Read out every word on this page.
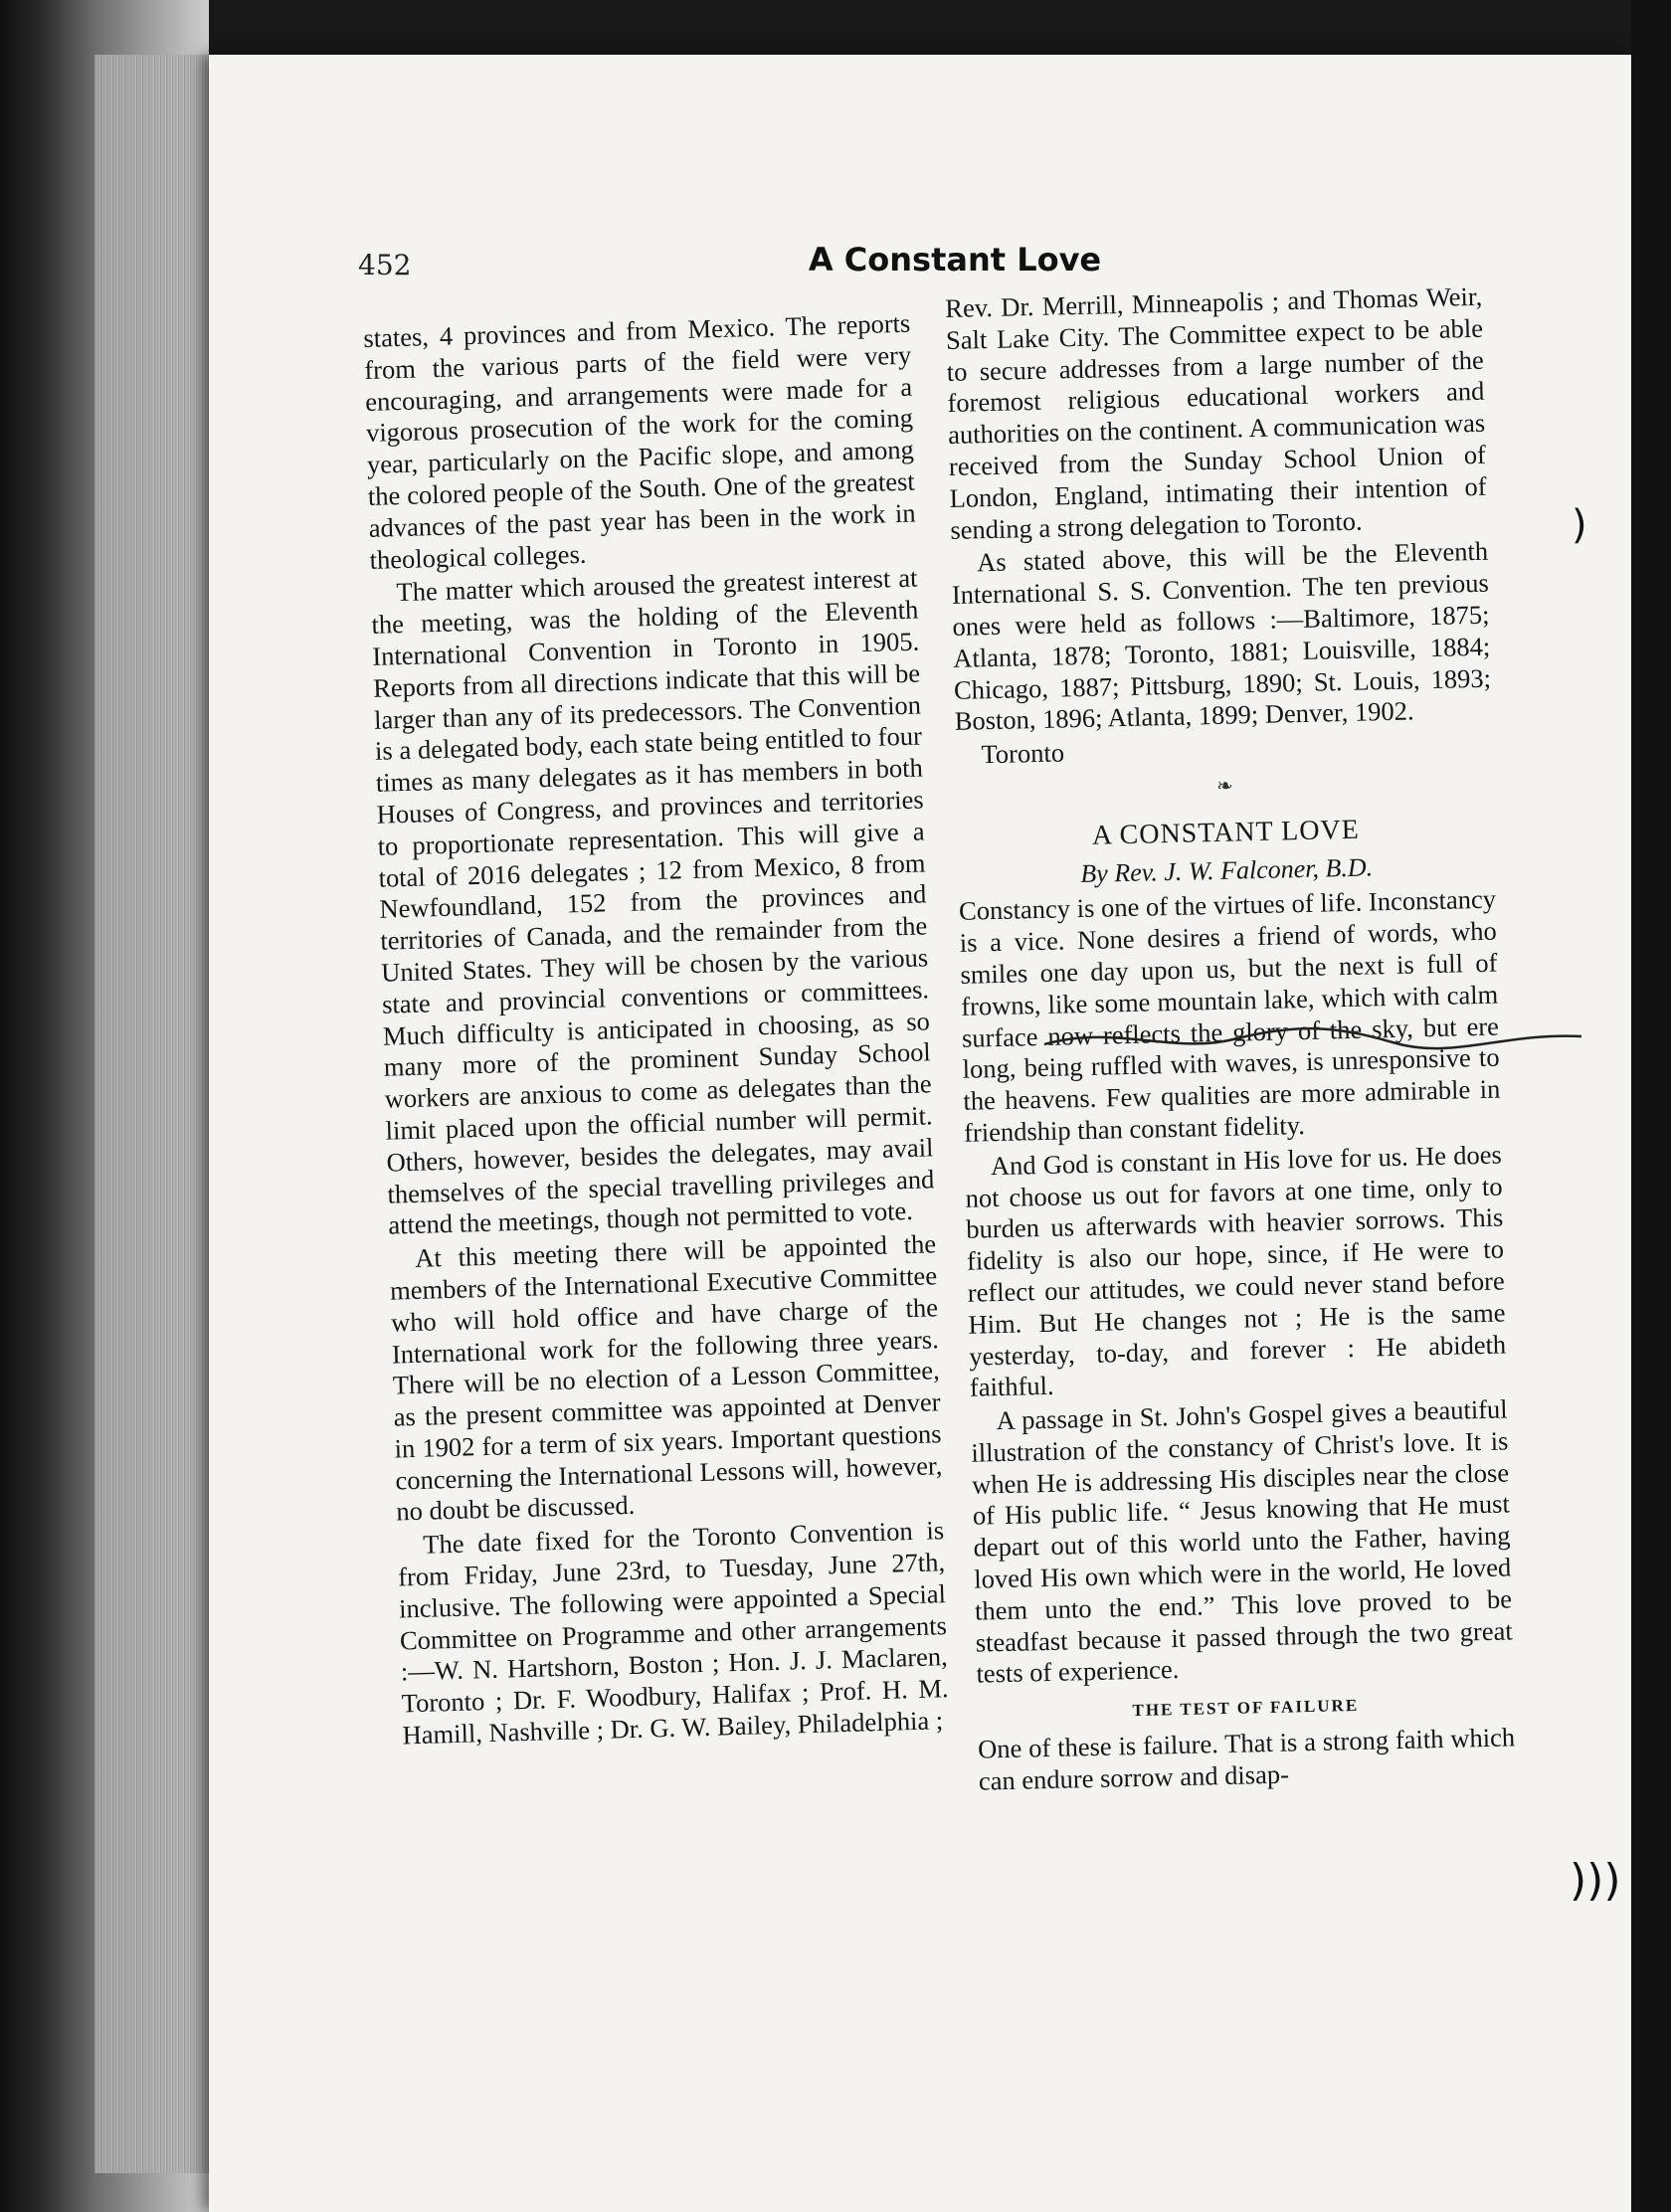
452	A Constant Love

states, 4 provinces and from Mexico. The reports from the various parts of the field were very encouraging, and arrangements were made for a vigorous prosecution of the work for the coming year, particularly on the Pacific slope, and among the colored people of the South. One of the greatest advances of the past year has been in the work in theological colleges.

The matter which aroused the greatest interest at the meeting, was the holding of the Eleventh International Convention in Toronto in 1905. Reports from all directions indicate that this will be larger than any of its predecessors. The Convention is a delegated body, each state being entitled to four times as many delegates as it has members in both Houses of Congress, and provinces and territories to proportionate representation. This will give a total of 2016 delegates ; 12 from Mexico, 8 from Newfoundland, 152 from the provinces and territories of Canada, and the remainder from the United States. They will be chosen by the various state and provincial conventions or committees. Much difficulty is anticipated in choosing, as so many more of the prominent Sunday School workers are anxious to come as delegates than the limit placed upon the official number will permit. Others, however, besides the delegates, may avail themselves of the special travelling privileges and attend the meetings, though not permitted to vote.

At this meeting there will be appointed the members of the International Executive Committee who will hold office and have charge of the International work for the following three years. There will be no election of a Lesson Committee, as the present committee was appointed at Denver in 1902 for a term of six years. Important questions concerning the International Lessons will, however, no doubt be discussed.

The date fixed for the Toronto Convention is from Friday, June 23rd, to Tuesday, June 27th, inclusive. The following were appointed a Special Committee on Programme and other arrangements :—W. N. Hartshorn, Boston ; Hon. J. J. Maclaren, Toronto ; Dr. F. Woodbury, Halifax ; Prof. H. M. Hamill, Nashville ; Dr. G. W. Bailey, Philadelphia ;

Rev. Dr. Merrill, Minneapolis ; and Thomas Weir, Salt Lake City. The Committee expect to be able to secure addresses from a large number of the foremost religious educational workers and authorities on the continent. A communication was received from the Sunday School Union of London, England, intimating their intention of sending a strong delegation to Toronto.

As stated above, this will be the Eleventh International S. S. Convention. The ten previous ones were held as follows :—Baltimore, 1875; Atlanta, 1878; Toronto, 1881; Louisville, 1884; Chicago, 1887; Pittsburg, 1890; St. Louis, 1893; Boston, 1896; Atlanta, 1899; Denver, 1902.

Toronto

❧
A CONSTANT LOVE
By Rev. J. W. Falconer, B.D.

Constancy is one of the virtues of life. Inconstancy is a vice. None desires a friend of words, who smiles one day upon us, but the next is full of frowns, like some mountain lake, which with calm surface now reflects the glory of the sky, but ere long, being ruffled with waves, is unresponsive to the heavens. Few qualities are more admirable in friendship than constant fidelity.

And God is constant in His love for us. He does not choose us out for favors at one time, only to burden us afterwards with heavier sorrows. This fidelity is also our hope, since, if He were to reflect our attitudes, we could never stand before Him. But He changes not ; He is the same yesterday, to-day, and forever : He abideth faithful.

A passage in St. John's Gospel gives a beautiful illustration of the constancy of Christ's love. It is when He is addressing His disciples near the close of His public life. “ Jesus knowing that He must depart out of this world unto the Father, having loved His own which were in the world, He loved them unto the end.” This love proved to be steadfast because it passed through the two great tests of experience.

THE TEST OF FAILURE

One of these is failure. That is a strong faith which can endure sorrow and disap-

)
)))
